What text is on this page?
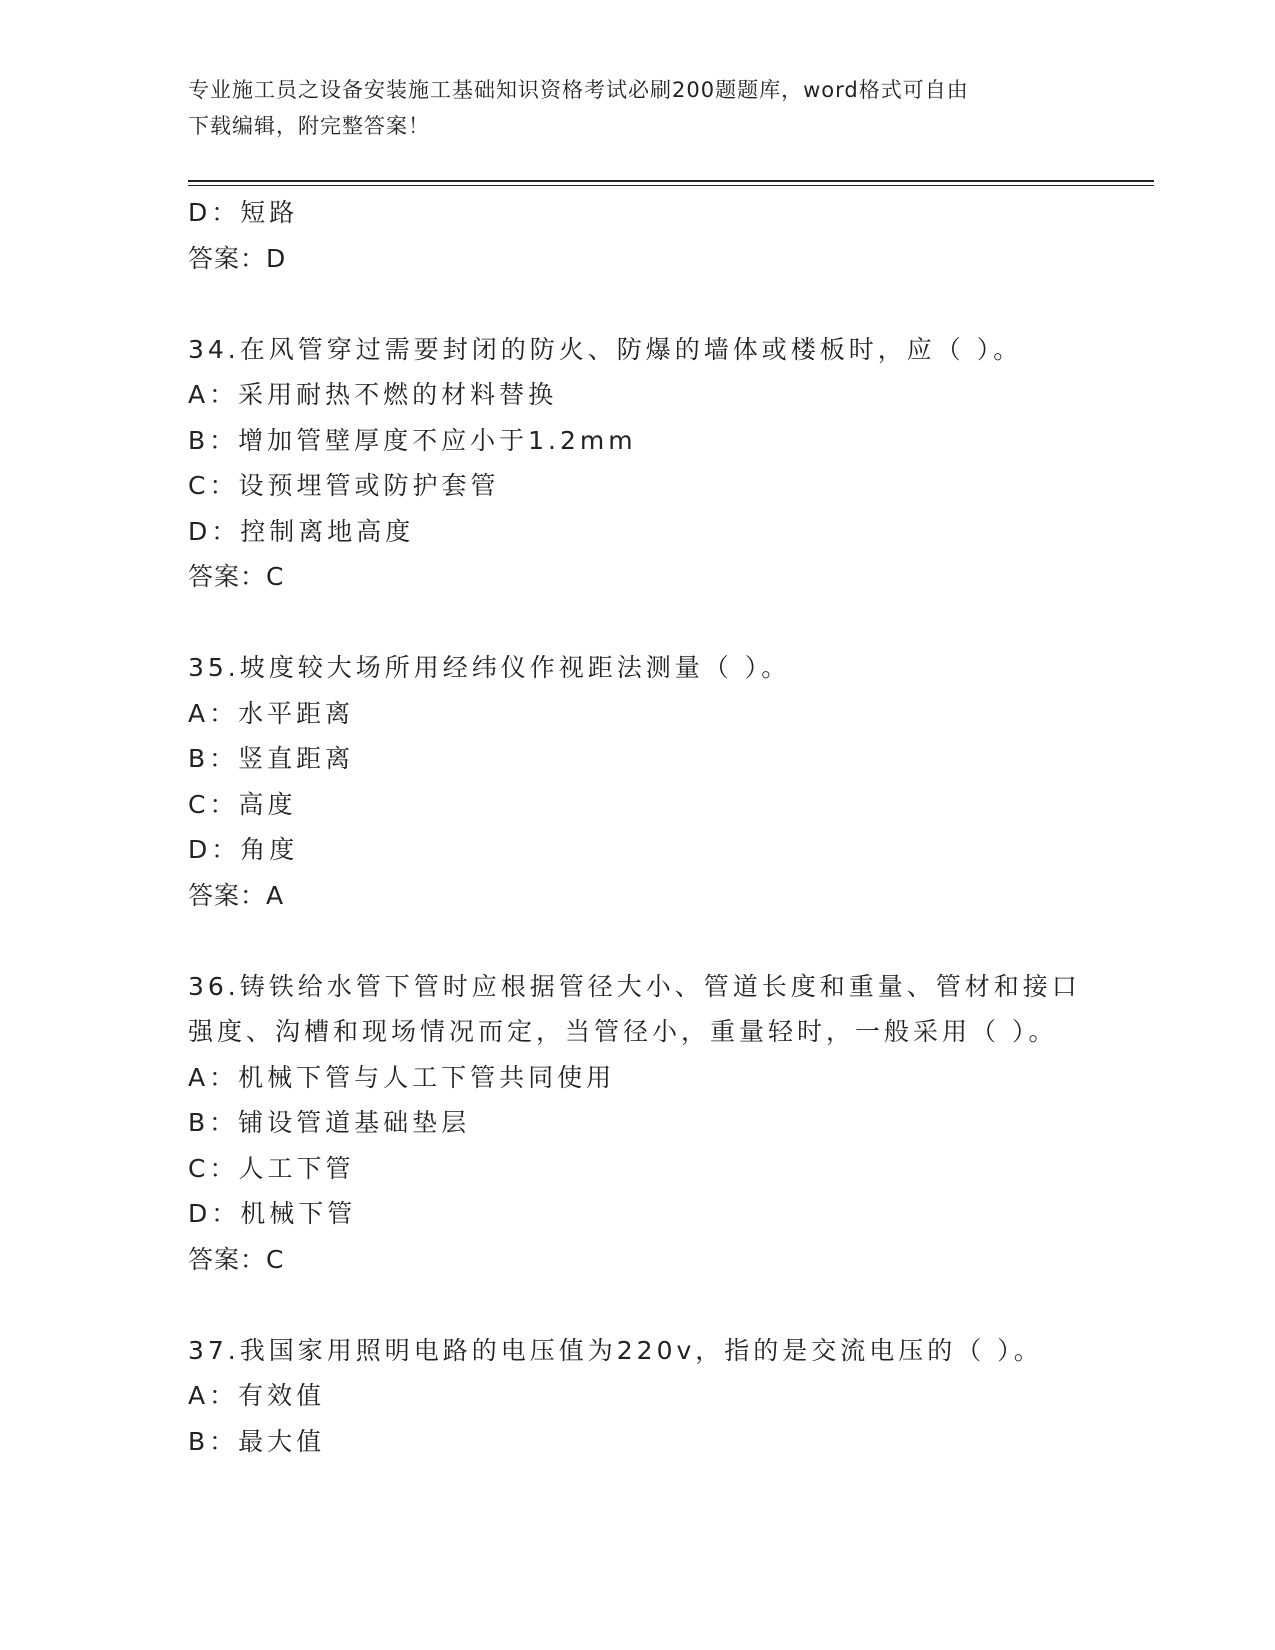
专业施工员之设备安装施工基础知识资格考试必刷200题题库，word格式可自由
下载编辑，附完整答案！
D：短路
答案：D
34.在风管穿过需要封闭的防火、防爆的墙体或楼板时，应（ ）。
A：采用耐热不燃的材料替换
B：增加管壁厚度不应小于1.2mm
C：设预埋管或防护套管
D：控制离地高度
答案：C
35.坡度较大场所用经纬仪作视距法测量（ ）。
A：水平距离
B：竖直距离
C：高度
D：角度
答案：A
36.铸铁给水管下管时应根据管径大小、管道长度和重量、管材和接口
强度、沟槽和现场情况而定，当管径小，重量轻时，一般采用（ ）。
A：机械下管与人工下管共同使用
B：铺设管道基础垫层
C：人工下管
D：机械下管
答案：C
37.我国家用照明电路的电压值为220v，指的是交流电压的（ ）。
A：有效值
B：最大值
